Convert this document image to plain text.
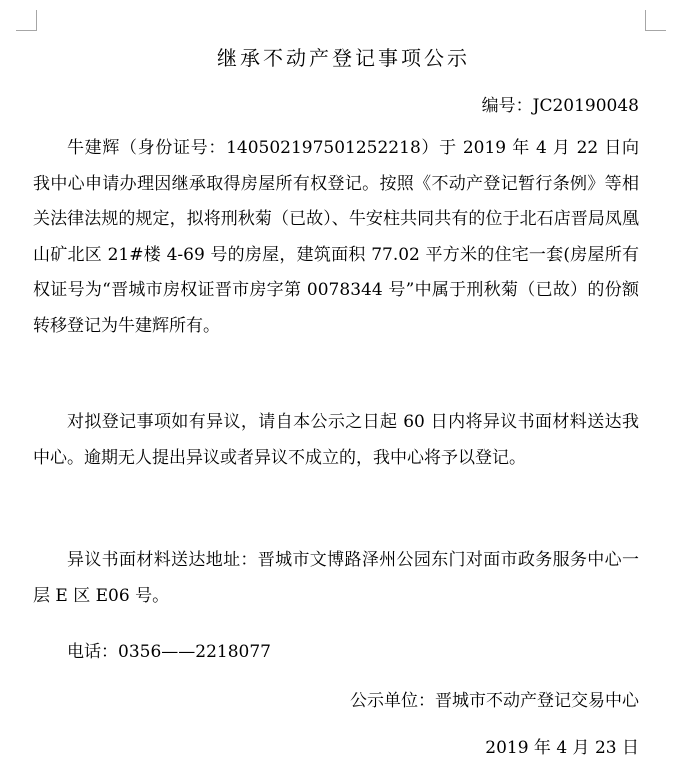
继承不动产登记事项公示
编号：JC20190048

牛建辉（身份证号：140502197501252218）于 2019 年 4 月 22 日向我中心申请办理因继承取得房屋所有权登记。按照《不动产登记暂行条例》等相关法律法规的规定，拟将刑秋菊（已故）、牛安柱共同共有的位于北石店晋局凤凰山矿北区 21#楼 4-69 号的房屋，建筑面积 77.02 平方米的住宅一套(房屋所有权证号为“晋城市房权证晋市房字第 0078344 号”中属于刑秋菊（已故）的份额转移登记为牛建辉所有。

对拟登记事项如有异议，请自本公示之日起 60 日内将异议书面材料送达我中心。逾期无人提出异议或者异议不成立的，我中心将予以登记。

异议书面材料送达地址：晋城市文博路泽州公园东门对面市政务服务中心一层 E 区 E06 号。

电话：0356——2218077

公示单位：晋城市不动产登记交易中心
2019 年 4 月 23 日
